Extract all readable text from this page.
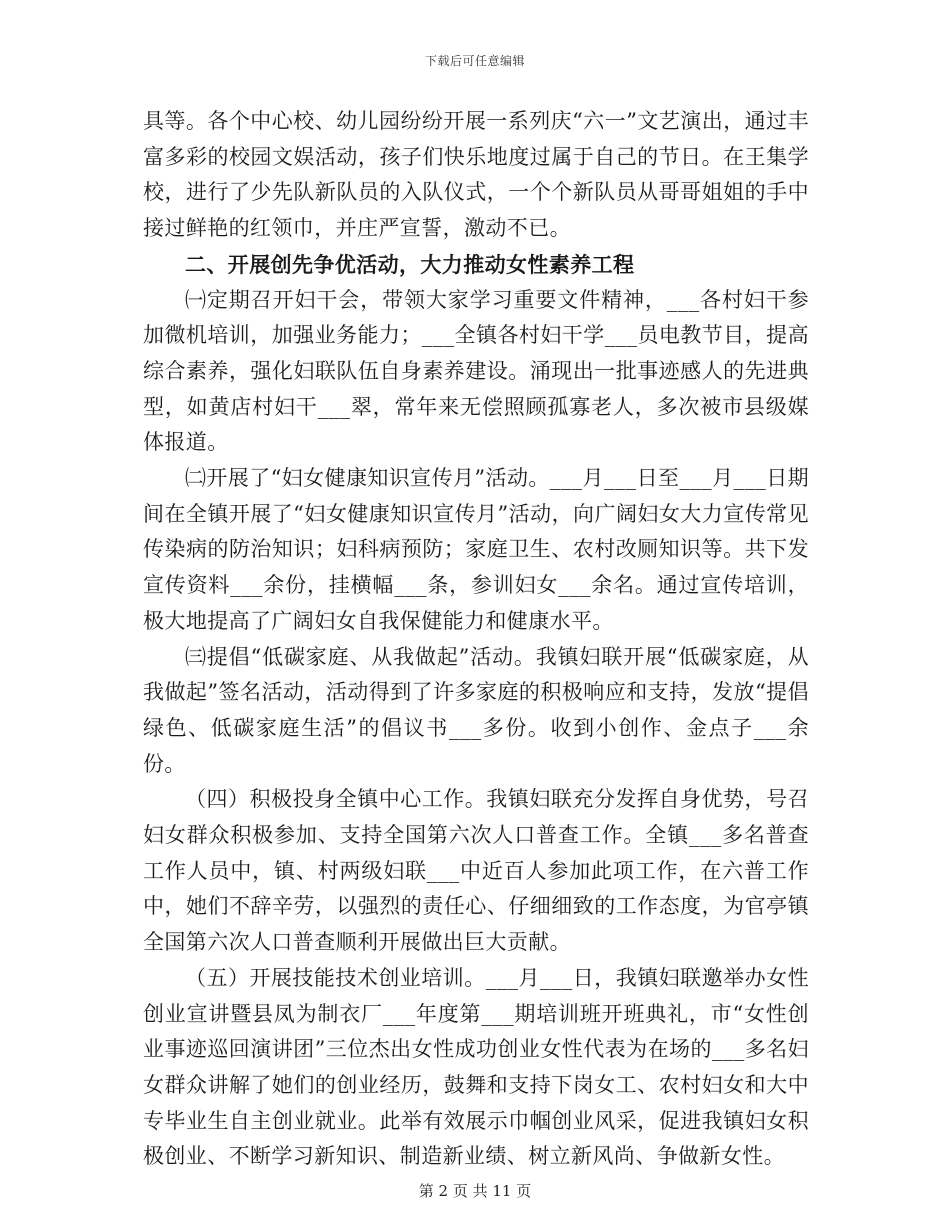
下载后可任意编辑

具等。各个中心校、幼儿园纷纷开展一系列庆“六一”文艺演出，通过丰富多彩的校园文娱活动，孩子们快乐地度过属于自己的节日。在王集学校，进行了少先队新队员的入队仪式，一个个新队员从哥哥姐姐的手中接过鲜艳的红领巾，并庄严宣誓，激动不已。

二、开展创先争优活动，大力推动女性素养工程

㈠定期召开妇干会，带领大家学习重要文件精神，___各村妇干参加微机培训，加强业务能力；___全镇各村妇干学___员电教节目，提高综合素养，强化妇联队伍自身素养建设。涌现出一批事迹感人的先进典型，如黄店村妇干___翠，常年来无偿照顾孤寡老人，多次被市县级媒体报道。

㈡开展了“妇女健康知识宣传月”活动。___月___日至___月___日期间在全镇开展了“妇女健康知识宣传月”活动，向广阔妇女大力宣传常见传染病的防治知识；妇科病预防；家庭卫生、农村改厕知识等。共下发宣传资料___余份，挂横幅___条，参训妇女___余名。通过宣传培训，极大地提高了广阔妇女自我保健能力和健康水平。

㈢提倡“低碳家庭、从我做起”活动。我镇妇联开展“低碳家庭，从我做起”签名活动，活动得到了许多家庭的积极响应和支持，发放“提倡绿色、低碳家庭生活”的倡议书___多份。收到小创作、金点子___余份。

（四）积极投身全镇中心工作。我镇妇联充分发挥自身优势，号召妇女群众积极参加、支持全国第六次人口普查工作。全镇___多名普查工作人员中，镇、村两级妇联___中近百人参加此项工作，在六普工作中，她们不辞辛劳，以强烈的责任心、仔细细致的工作态度，为官亭镇全国第六次人口普查顺利开展做出巨大贡献。

（五）开展技能技术创业培训。___月___日，我镇妇联邀举办女性创业宣讲暨县凤为制衣厂___年度第___期培训班开班典礼，市“女性创业事迹巡回演讲团”三位杰出女性成功创业女性代表为在场的___多名妇女群众讲解了她们的创业经历，鼓舞和支持下岗女工、农村妇女和大中专毕业生自主创业就业。此举有效展示巾帼创业风采，促进我镇妇女积极创业、不断学习新知识、制造新业绩、树立新风尚、争做新女性。

第 2 页 共 11 页
